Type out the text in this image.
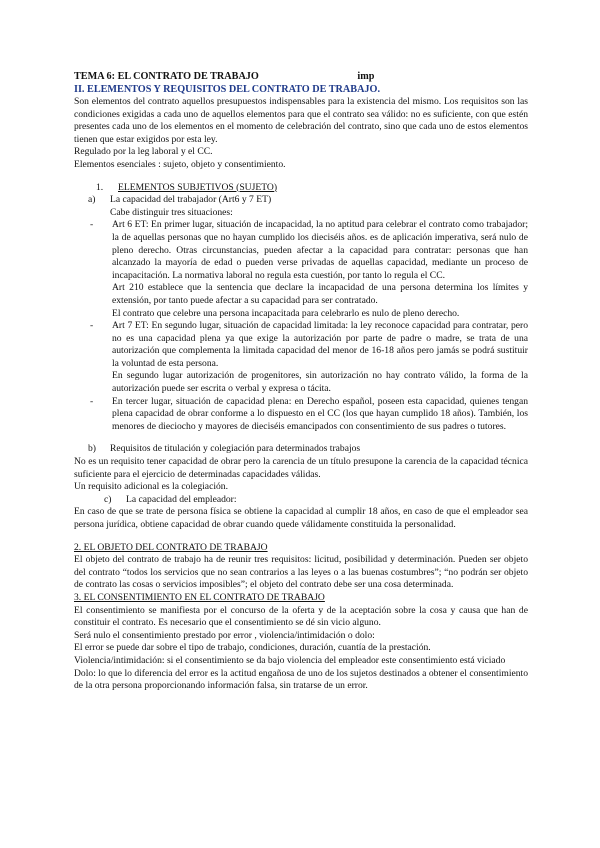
TEMA 6: EL CONTRATO DE TRABAJO	imp
II. ELEMENTOS Y REQUISITOS DEL CONTRATO DE TRABAJO.

Son elementos del contrato aquellos presupuestos indispensables para la existencia del mismo. Los requisitos son las condiciones exigidas a cada uno de aquellos elementos para que el contrato sea válido: no es suficiente, con que estén presentes cada uno de los elementos en el momento de celebración del contrato, sino que cada uno de estos elementos tienen que estar exigidos por esta ley.

Regulado por la leg laboral y el CC.

Elementos esenciales : sujeto, objeto y consentimiento.

1.	ELEMENTOS SUBJETIVOS (SUJETO)
a)	La capacidad del trabajador (Art6 y 7 ET)

Cabe distinguir tres situaciones:

-	Art 6 ET: En primer lugar, situación de incapacidad, la no aptitud para celebrar el contrato como trabajador; la de aquellas personas que no hayan cumplido los dieciséis años. es de aplicación imperativa, será nulo de pleno derecho. Otras circunstancias, pueden afectar a la capacidad para contratar: personas que han alcanzado la mayoría de edad o pueden verse privadas de aquellas capacidad, mediante un proceso de incapacitación. La normativa laboral no regula esta cuestión, por tanto lo regula el CC.

Art 210 establece que la sentencia que declare la incapacidad de una persona determina los límites y extensión, por tanto puede afectar a su capacidad para ser contratado.

El contrato que celebre una persona incapacitada para celebrarlo es nulo de pleno derecho.

-	Art 7 ET: En segundo lugar, situación de capacidad limitada: la ley reconoce capacidad para contratar, pero no es una capacidad plena ya que exige la autorización por parte de padre o madre, se trata de una autorización que complementa la limitada capacidad del menor de 16-18 años pero jamás se podrá sustituir la voluntad de esta persona.

En segundo lugar autorización de progenitores, sin autorización no hay contrato válido, la forma de la autorización puede ser escrita o verbal y expresa o tácita.

-	En tercer lugar, situación de capacidad plena: en Derecho español, poseen esta capacidad, quienes tengan plena capacidad de obrar conforme a lo dispuesto en el CC (los que hayan cumplido 18 años). También, los menores de dieciocho y mayores de dieciséis emancipados con consentimiento de sus padres o tutores.

b)	Requisitos de titulación y colegiación para determinados trabajos

No es un requisito tener capacidad de obrar pero la carencia de un título presupone la carencia de la capacidad técnica suficiente para el ejercicio de determinadas capacidades válidas.

Un requisito adicional es la colegiación.

c)	La capacidad del empleador:

En caso de que se trate de persona física se obtiene la capacidad al cumplir 18 años, en caso de que el empleador sea persona jurídica, obtiene capacidad de obrar cuando quede válidamente constituida la personalidad.

2. EL OBJETO DEL CONTRATO DE TRABAJO

El objeto del contrato de trabajo ha de reunir tres requisitos: licitud, posibilidad y determinación. Pueden ser objeto del contrato “todos los servicios que no sean contrarios a las leyes o a las buenas costumbres”; “no podrán ser objeto de contrato las cosas o servicios imposibles”; el objeto del contrato debe ser una cosa determinada.

3. EL CONSENTIMIENTO EN EL CONTRATO DE TRABAJO

El consentimiento se manifiesta por el concurso de la oferta y de la aceptación sobre la cosa y causa que han de constituir el contrato. Es necesario que el consentimiento se dé sin vicio alguno.

Será nulo el consentimiento prestado por error , violencia/intimidación o dolo:

El error se puede dar sobre el tipo de trabajo, condiciones, duración, cuantía de la prestación.

Violencia/intimidación: si el consentimiento se da bajo violencia del empleador este consentimiento está viciado

Dolo: lo que lo diferencia del error es la actitud engañosa de uno de los sujetos destinados a obtener el consentimiento de la otra persona proporcionando información falsa, sin tratarse de un error.
